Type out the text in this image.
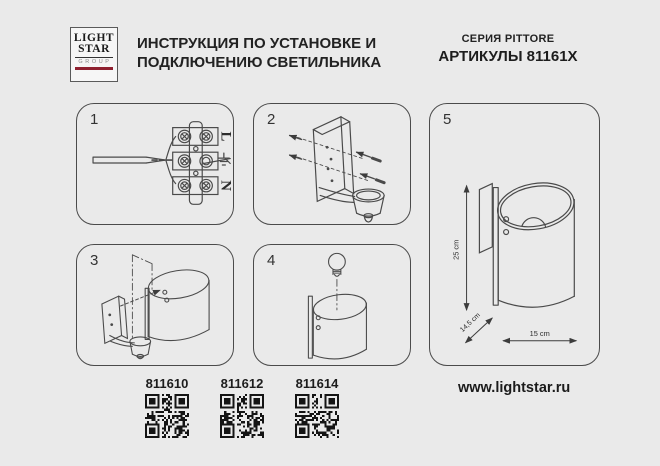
LIGHT
STAR
GROUP
ИНСТРУКЦИЯ ПО УСТАНОВКЕ И
ПОДКЛЮЧЕНИЮ СВЕТИЛЬНИКА
СЕРИЯ PITTORE
АРТИКУЛЫ 81161X
L
N
1	2
3	4
25 cm
14,5 cm	15 cm
5
811610	811612	811614	www.lightstar.ru
